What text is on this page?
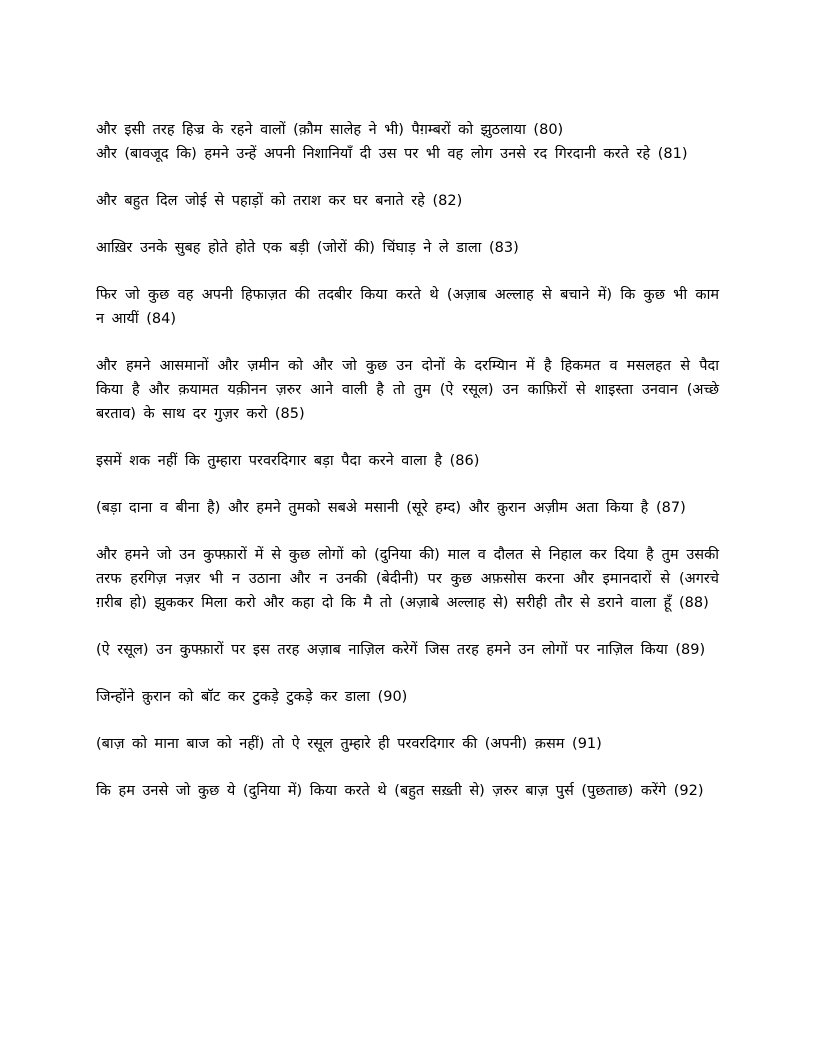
और इसी तरह हिज्र के रहने वालों (क़ौम सालेह ने भी) पैग़म्बरों को झुठलाया (80)

और (बावजूद कि) हमने उन्हें अपनी निशानियाँ दी उस पर भी वह लोग उनसे रद गिरदानी करते रहे (81)

और बहुत दिल जोई से पहाड़ों को तराश कर घर बनाते रहे (82)

आख़िर उनके सुबह होते होते एक बड़ी (जोरों की) चिंघाड़ ने ले डाला (83)

फिर जो कुछ वह अपनी हिफाज़त की तदबीर किया करते थे (अज़ाब अल्लाह से बचाने में) कि कुछ भी काम न आयीं (84)

और हमने आसमानों और ज़मीन को और जो कुछ उन दोनों के दरम्यिान में है हिकमत व मसलहत से पैदा किया है और क़यामत यक़ीनन ज़रुर आने वाली है तो तुम (ऐ रसूल) उन काफ़िरों से शाइस्ता उनवान (अच्छे बरताव) के साथ दर गुज़र करो (85)

इसमें शक नहीं कि तुम्हारा परवरदिगार बड़ा पैदा करने वाला है (86)

(बड़ा दाना व बीना है) और हमने तुमको सबअे मसानी (सूरे हम्द) और क़ुरान अज़ीम अता किया है (87)

और हमने जो उन कुफ्फ़ारों में से कुछ लोगों को (दुनिया की) माल व दौलत से निहाल कर दिया है तुम उसकी तरफ हरगिज़ नज़र भी न उठाना और न उनकी (बेदीनी) पर कुछ अफ़सोस करना और इमानदारों से (अगरचे ग़रीब हो) झुककर मिला करो और कहा दो कि मै तो (अज़ाबे अल्लाह से) सरीही तौर से डराने वाला हूँ (88)

(ऐ रसूल) उन कुफ्फ़ारों पर इस तरह अज़ाब नाज़िल करेगें जिस तरह हमने उन लोगों पर नाज़िल किया (89)

जिन्होंने क़ुरान को बॉट कर टुकड़े टुकड़े कर डाला (90)

(बाज़ को माना बाज को नहीं) तो ऐ रसूल तुम्हारे ही परवरदिगार की (अपनी) क़सम (91)

कि हम उनसे जो कुछ ये (दुनिया में) किया करते थे (बहुत सख़्ती से) ज़रुर बाज़ पुर्स (पुछताछ) करेंगे (92)
